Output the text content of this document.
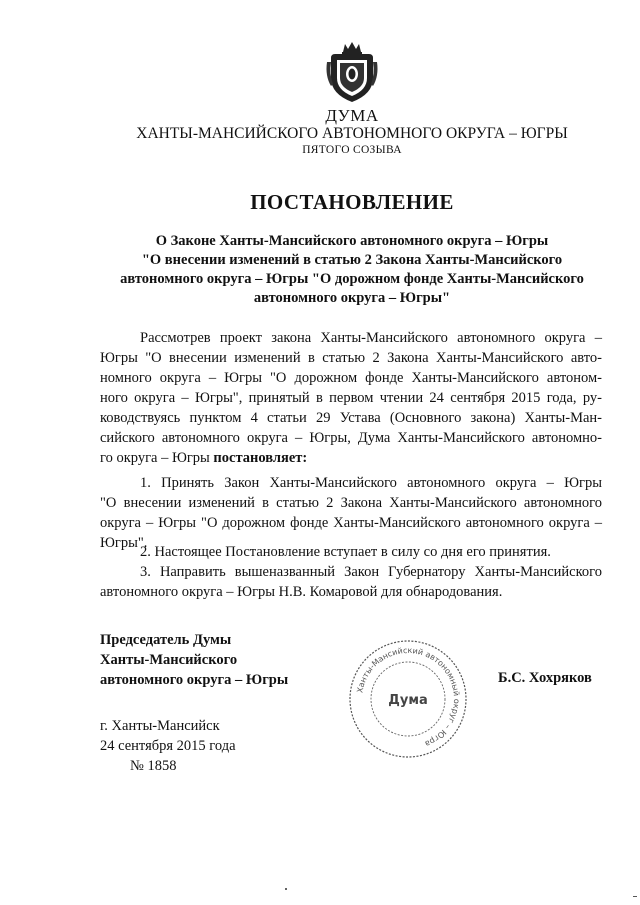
ДУМА
ХАНТЫ-МАНСИЙСКОГО АВТОНОМНОГО ОКРУГА – ЮГРЫ
ПЯТОГО СОЗЫВА
ПОСТАНОВЛЕНИЕ
О Законе Ханты-Мансийского автономного округа – Югры
"О внесении изменений в статью 2 Закона Ханты-Мансийского
автономного округа – Югры "О дорожном фонде Ханты-Мансийского
автономного округа – Югры"
Рассмотрев проект закона Ханты-Мансийского автономного округа –
Югры "О внесении изменений в статью 2 Закона Ханты-Мансийского авто-
номного округа – Югры "О дорожном фонде Ханты-Мансийского автоном-
ного округа – Югры", принятый в первом чтении 24 сентября 2015 года, ру-
ководствуясь пунктом 4 статьи 29 Устава (Основного закона) Ханты-Ман-
сийского автономного округа – Югры, Дума Ханты-Мансийского автономно-
го округа – Югры постановляет:
1. Принять Закон Ханты-Мансийского автономного округа – Югры
"О внесении изменений в статью 2 Закона Ханты-Мансийского автономного
округа – Югры "О дорожном фонде Ханты-Мансийского автономного округа –
Югры".
2. Настоящее Постановление вступает в силу со дня его принятия.
3. Направить вышеназванный Закон Губернатору Ханты-Мансийского
автономного округа – Югры Н.В. Комаровой для обнародования.
Председатель Думы
Ханты-Мансийского
автономного округа – Югры	Б.С. Хохряков
Ханты-Мансийский автономный округ – Югра
Дума
г. Ханты-Мансийск
24 сентября 2015 года
№ 1858
